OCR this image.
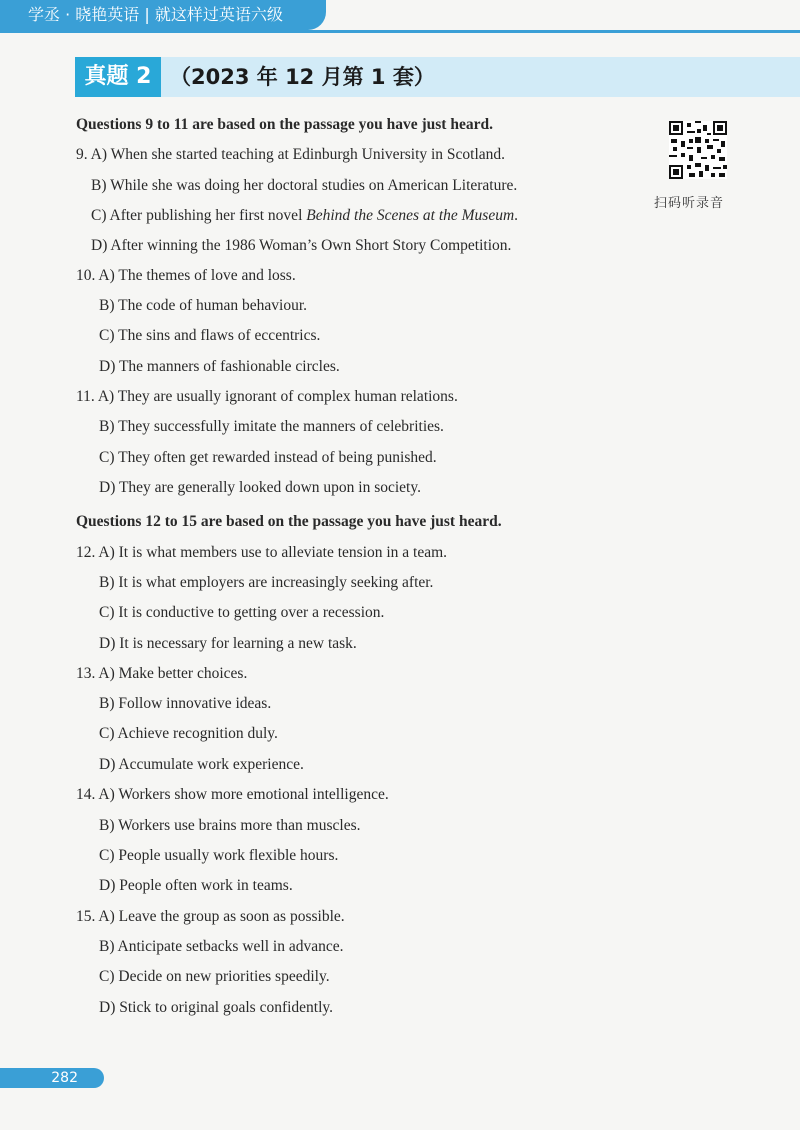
学丞 · 晓艳英语 | 就这样过英语六级
真题 2 （2023 年 12 月第 1 套）
扫码听录音
Questions 9 to 11 are based on the passage you have just heard.
9. A) When she started teaching at Edinburgh University in Scotland.
B) While she was doing her doctoral studies on American Literature.
C) After publishing her first novel Behind the Scenes at the Museum.
D) After winning the 1986 Woman’s Own Short Story Competition.
10. A) The themes of love and loss.
B) The code of human behaviour.
C) The sins and flaws of eccentrics.
D) The manners of fashionable circles.
11. A) They are usually ignorant of complex human relations.
B) They successfully imitate the manners of celebrities.
C) They often get rewarded instead of being punished.
D) They are generally looked down upon in society.
Questions 12 to 15 are based on the passage you have just heard.
12. A) It is what members use to alleviate tension in a team.
B) It is what employers are increasingly seeking after.
C) It is conductive to getting over a recession.
D) It is necessary for learning a new task.
13. A) Make better choices.
B) Follow innovative ideas.
C) Achieve recognition duly.
D) Accumulate work experience.
14. A) Workers show more emotional intelligence.
B) Workers use brains more than muscles.
C) People usually work flexible hours.
D) People often work in teams.
15. A) Leave the group as soon as possible.
B) Anticipate setbacks well in advance.
C) Decide on new priorities speedily.
D) Stick to original goals confidently.
282
